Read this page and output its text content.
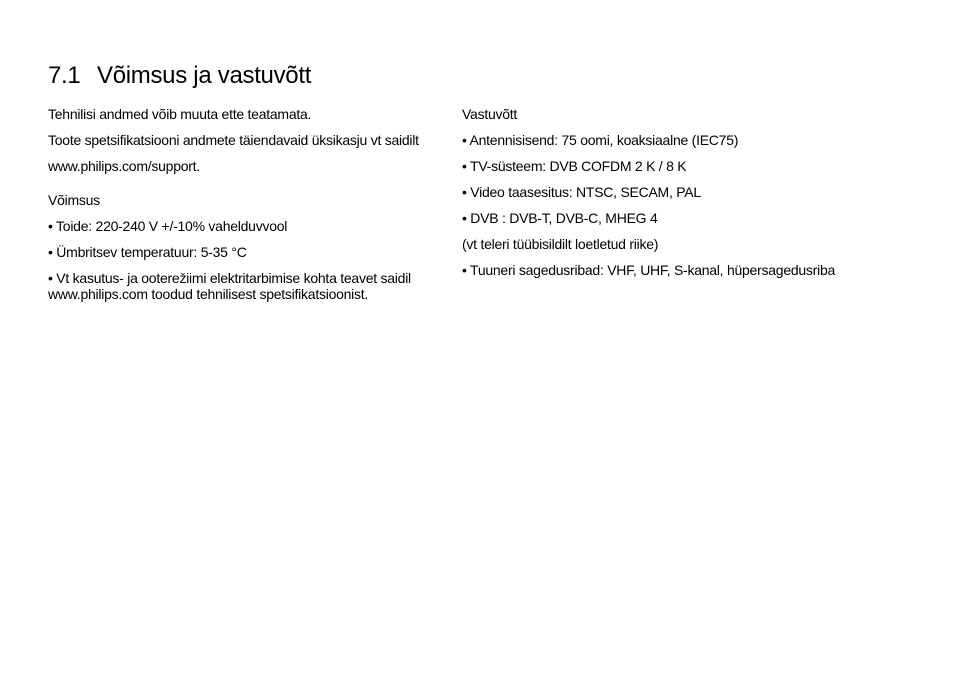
7.1 Võimsus ja vastuvõtt

Tehnilisi andmed võib muuta ette teatamata.

Toote spetsifikatsiooni andmete täiendavaid üksikasju vt saidilt

www.philips.com/support.

Võimsus

• Toide: 220-240 V +/-10% vahelduvvool

• Ümbritsev temperatuur: 5-35 °C

• Vt kasutus- ja ooterežiimi elektritarbimise kohta teavet saidil www.philips.com toodud tehnilisest spetsifikatsioonist.

Vastuvõtt

• Antennisisend: 75 oomi, koaksiaalne (IEC75)

• TV-süsteem: DVB COFDM 2 K / 8 K

• Video taasesitus: NTSC, SECAM, PAL

• DVB : DVB-T, DVB-C, MHEG 4

(vt teleri tüübisildilt loetletud riike)

• Tuuneri sagedusribad: VHF, UHF, S-kanal, hüpersagedusriba
